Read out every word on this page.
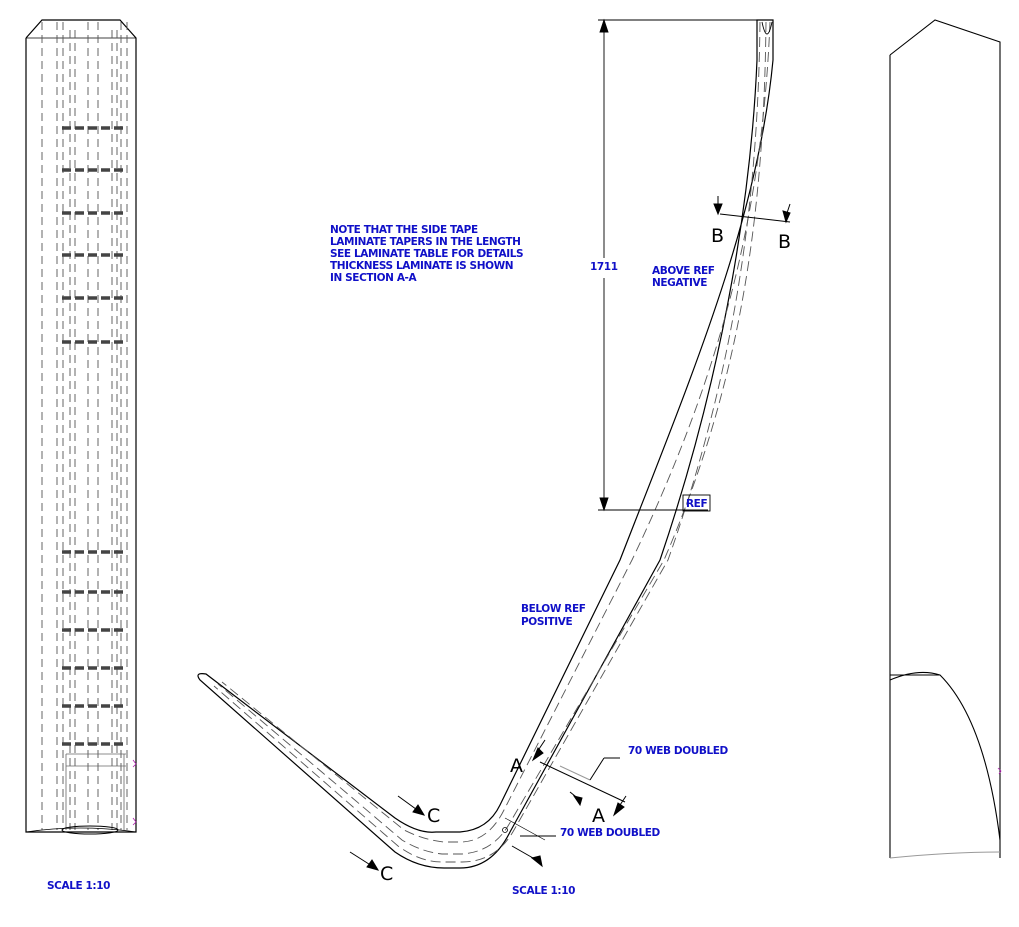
SCALE 1:10
1711
REF
B	B
A
A
C
C
NOTE THAT THE SIDE TAPE
LAMINATE TAPERS IN THE LENGTH
SEE LAMINATE TABLE FOR DETAILS
THICKNESS LAMINATE IS SHOWN
IN SECTION A-A
ABOVE REF
NEGATIVE
BELOW REF
POSITIVE
70 WEB DOUBLED
70 WEB DOUBLED
SCALE 1:10
